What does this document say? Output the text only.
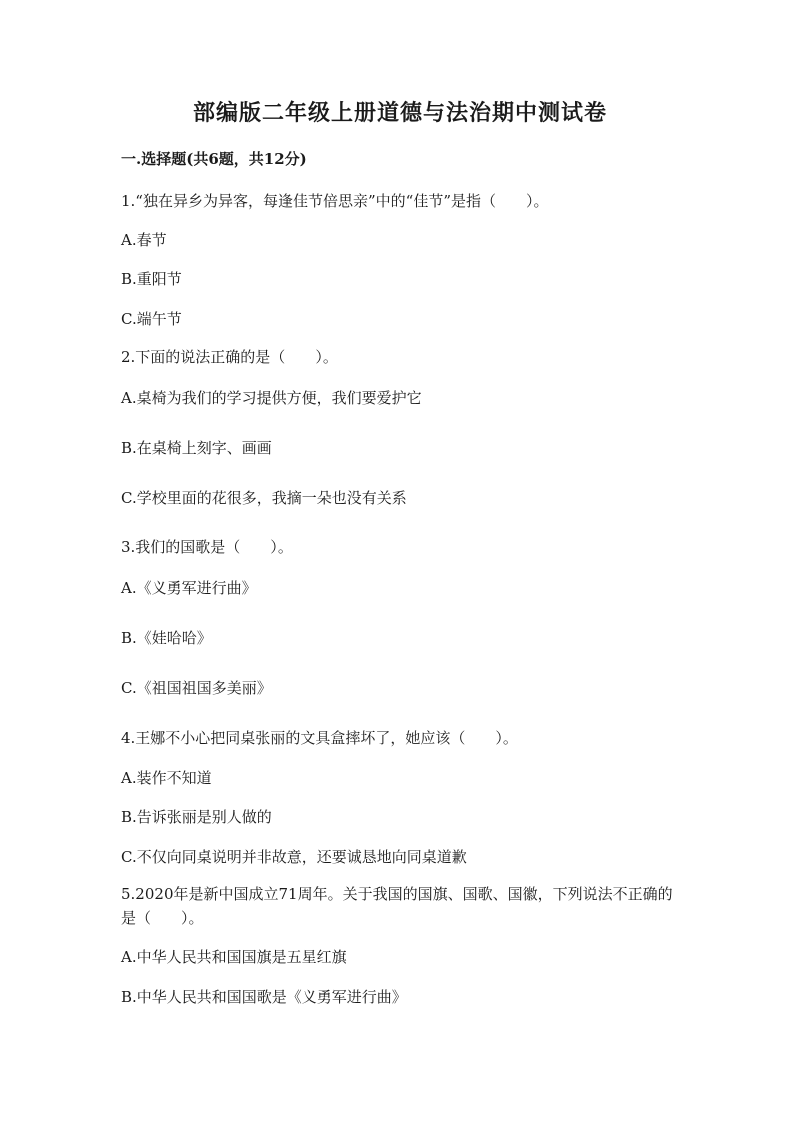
部编版二年级上册道德与法治期中测试卷
一.选择题(共6题，共12分)
1.“独在异乡为异客，每逢佳节倍思亲”中的“佳节”是指（　　）。
A.春节
B.重阳节
C.端午节
2.下面的说法正确的是（　　）。
A.桌椅为我们的学习提供方便，我们要爱护它
B.在桌椅上刻字、画画
C.学校里面的花很多，我摘一朵也没有关系
3.我们的国歌是（　　）。
A.《义勇军进行曲》
B.《娃哈哈》
C.《祖国祖国多美丽》
4.王娜不小心把同桌张丽的文具盒摔坏了，她应该（　　）。
A.装作不知道
B.告诉张丽是别人做的
C.不仅向同桌说明并非故意，还要诚恳地向同桌道歉
5.2020年是新中国成立71周年。关于我国的国旗、国歌、国徽，下列说法不正确的是（　　）。
A.中华人民共和国国旗是五星红旗
B.中华人民共和国国歌是《义勇军进行曲》
